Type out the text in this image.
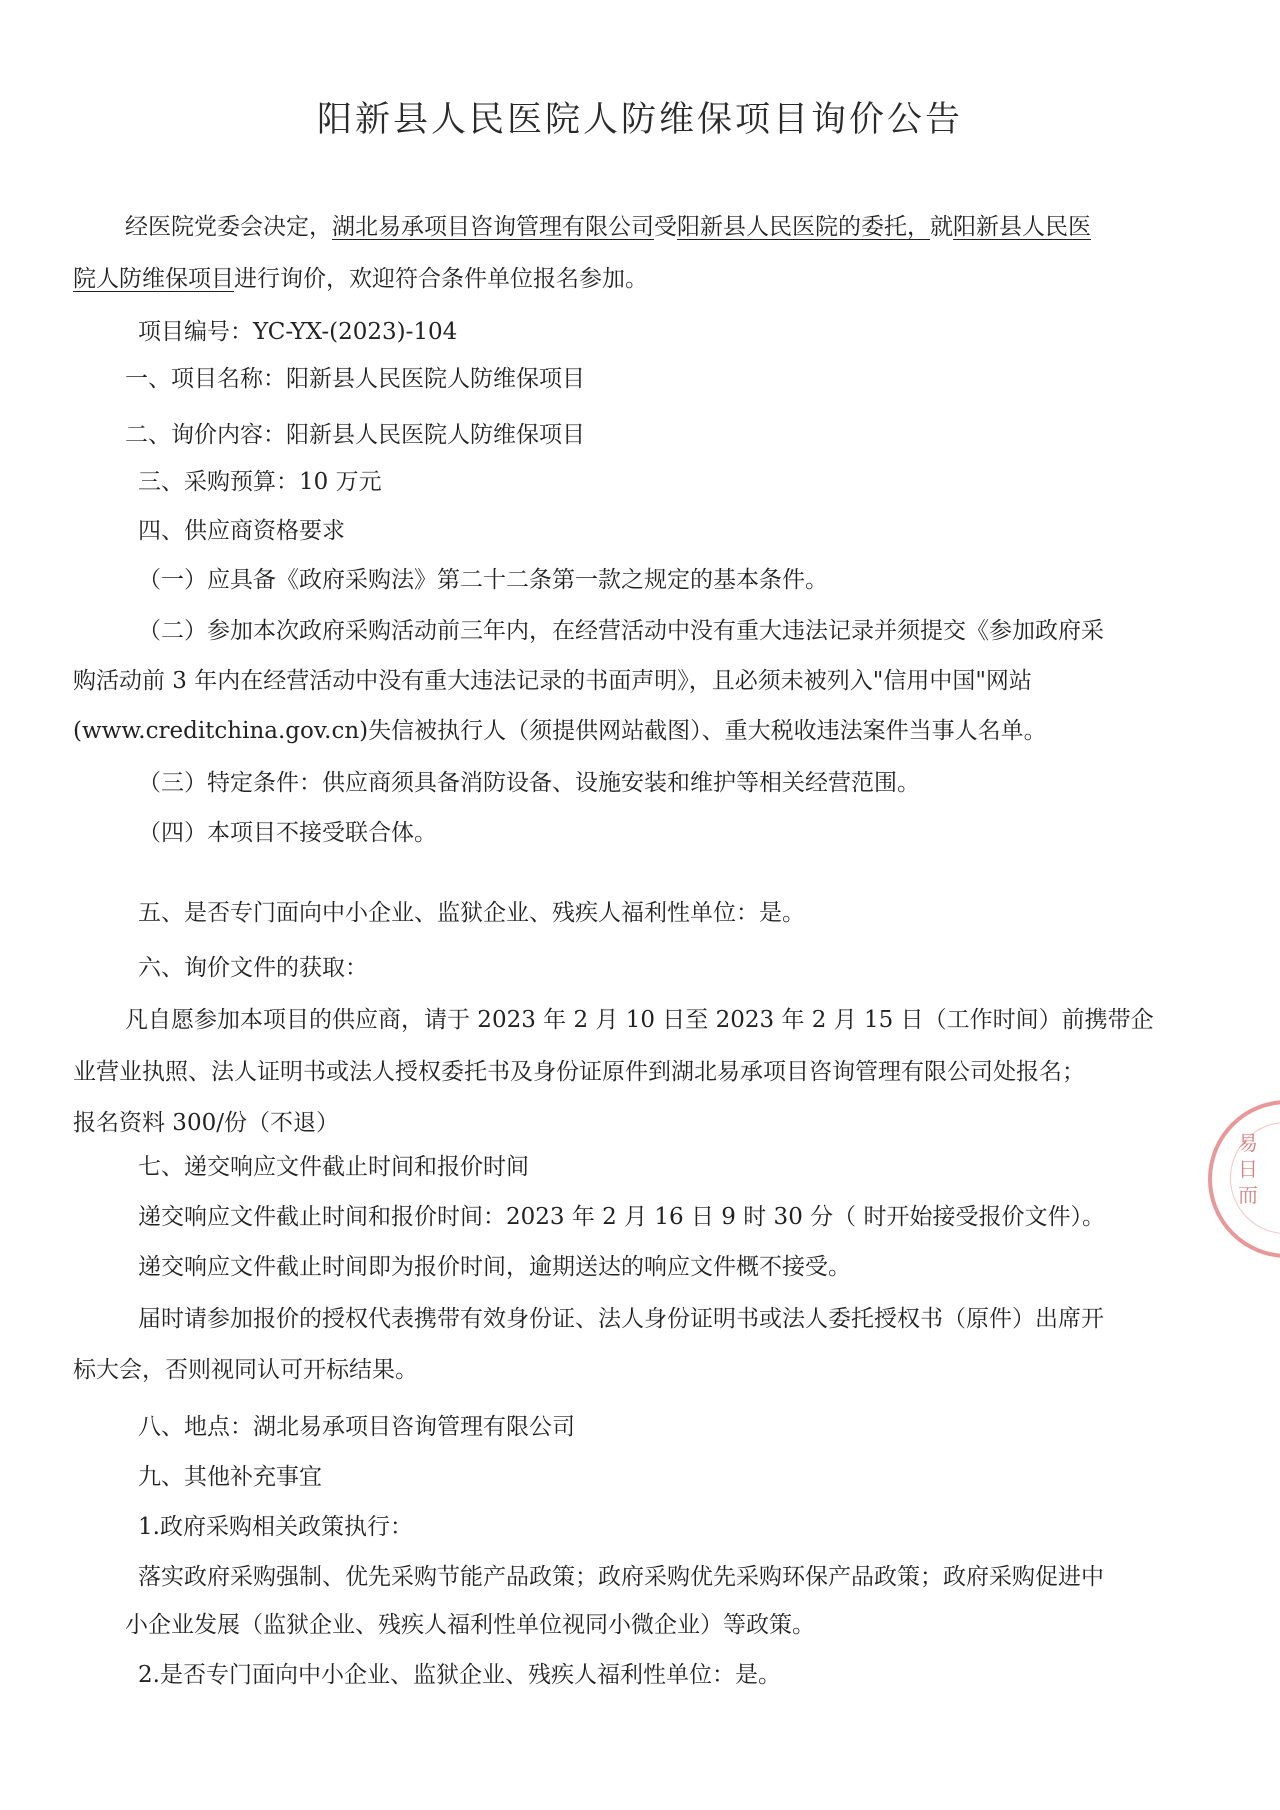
阳新县人民医院人防维保项目询价公告
经医院党委会决定，湖北易承项目咨询管理有限公司受阳新县人民医院的委托，就阳新县人民医
院人防维保项目进行询价，欢迎符合条件单位报名参加。
项目编号：YC-YX-(2023)-104
一、项目名称：阳新县人民医院人防维保项目
二、询价内容：阳新县人民医院人防维保项目
三、采购预算：10 万元
四、供应商资格要求
（一）应具备《政府采购法》第二十二条第一款之规定的基本条件。
（二）参加本次政府采购活动前三年内，在经营活动中没有重大违法记录并须提交《参加政府采
购活动前 3 年内在经营活动中没有重大违法记录的书面声明》，且必须未被列入"信用中国"网站
(www.creditchina.gov.cn)失信被执行人（须提供网站截图）、重大税收违法案件当事人名单。
（三）特定条件：供应商须具备消防设备、设施安装和维护等相关经营范围。
（四）本项目不接受联合体。
五、是否专门面向中小企业、监狱企业、残疾人福利性单位：是。
六、询价文件的获取：
凡自愿参加本项目的供应商，请于 2023 年 2 月 10 日至 2023 年 2 月 15 日（工作时间）前携带企
业营业执照、法人证明书或法人授权委托书及身份证原件到湖北易承项目咨询管理有限公司处报名；
报名资料 300/份（不退）
七、递交响应文件截止时间和报价时间
递交响应文件截止时间和报价时间：2023 年 2 月 16 日 9 时 30 分（ 时开始接受报价文件）。
递交响应文件截止时间即为报价时间，逾期送达的响应文件概不接受。
届时请参加报价的授权代表携带有效身份证、法人身份证明书或法人委托授权书（原件）出席开
标大会，否则视同认可开标结果。
八、地点：湖北易承项目咨询管理有限公司
九、其他补充事宜
1.政府采购相关政策执行：
落实政府采购强制、优先采购节能产品政策；政府采购优先采购环保产品政策；政府采购促进中
小企业发展（监狱企业、残疾人福利性单位视同小微企业）等政策。
2.是否专门面向中小企业、监狱企业、残疾人福利性单位：是。
易日而
